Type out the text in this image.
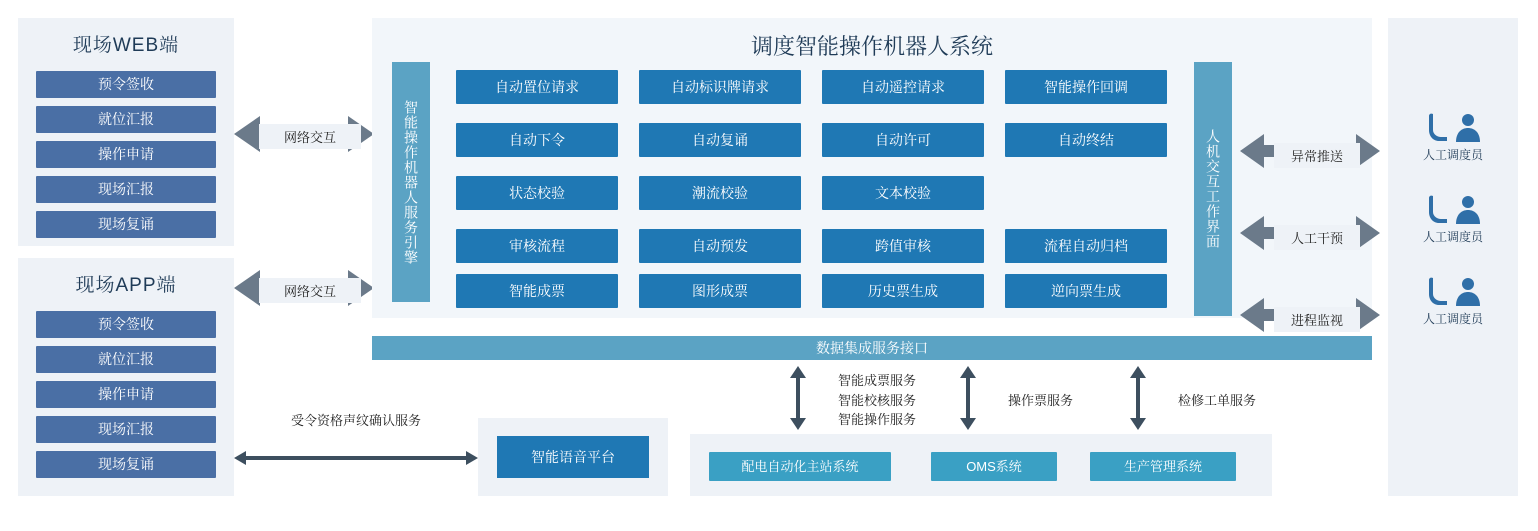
现场WEB端
预令签收
就位汇报
操作申请
现场汇报
现场复诵
现场APP端
预令签收
就位汇报
操作申请
现场汇报
现场复诵
网络交互
网络交互
调度智能操作机器人系统
智能操作机器人服务引擎	人机交互工作界面
自动置位请求	自动标识牌请求	自动遥控请求	智能操作回调
自动下令	自动复诵	自动许可	自动终结
状态校验	潮流校验	文本校验
审核流程	自动预发	跨值审核	流程自动归档
智能成票	图形成票	历史票生成	逆向票生成
数据集成服务接口
智能成票服务
智能校核服务
智能操作服务
操作票服务	检修工单服务
配电自动化主站系统	OMS系统	生产管理系统
智能语音平台
受令资格声纹确认服务
异常推送
人工干预
进程监视
人工调度员
人工调度员
人工调度员
